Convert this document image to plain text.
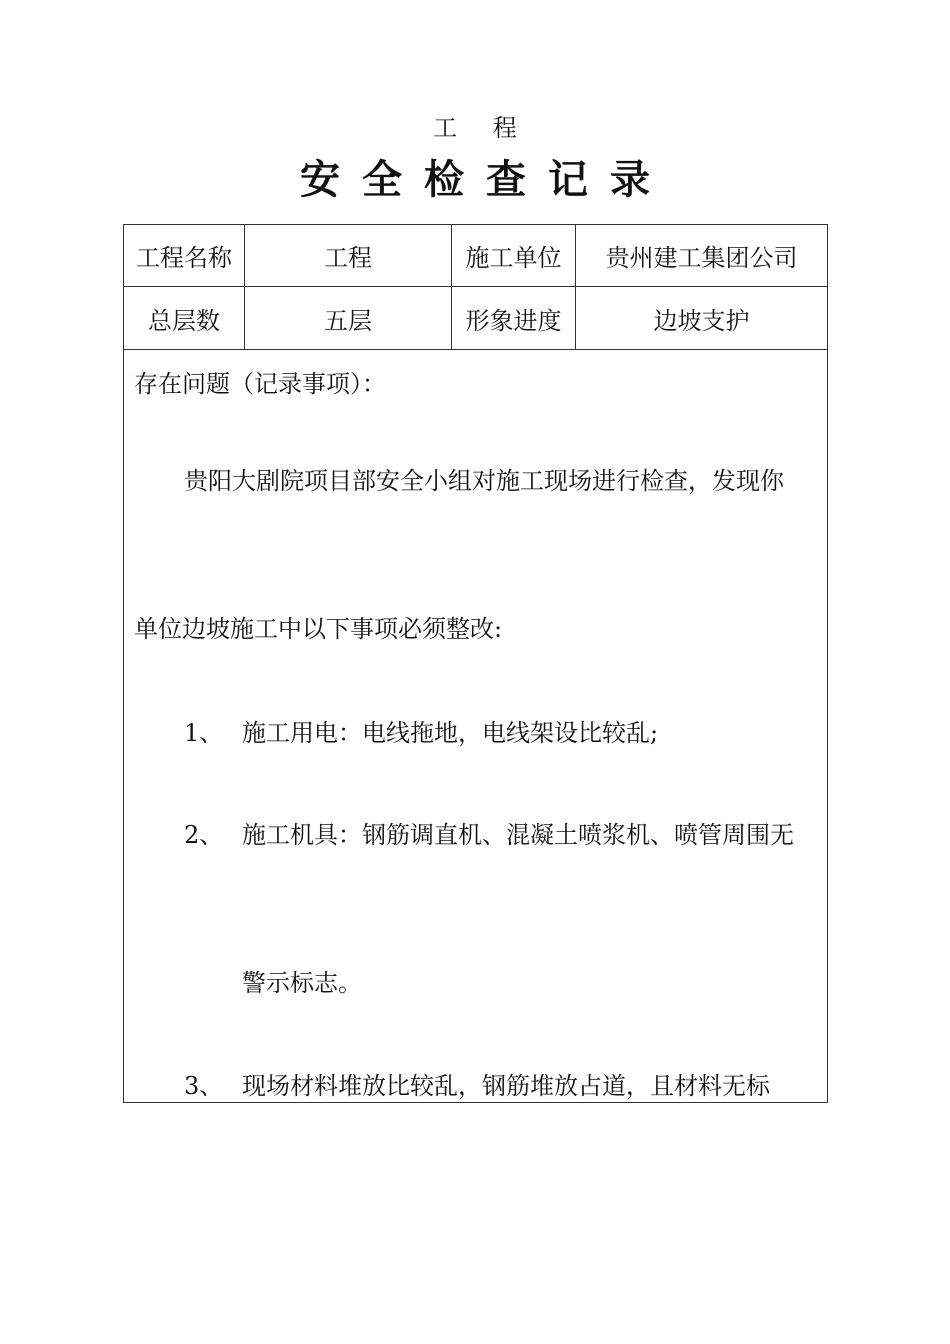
工 程
安全检查记录
工程名称	工程	施工单位	贵州建工集团公司
总层数	五层	形象进度	边坡支护
存在问题（记录事项）：
贵阳大剧院项目部安全小组对施工现场进行检查，发现你
单位边坡施工中以下事项必须整改:
1、 施工用电：电线拖地，电线架设比较乱;
2、 施工机具：钢筋调直机、混凝土喷浆机、喷管周围无
警示标志。
3、 现场材料堆放比较乱，钢筋堆放占道，且材料无标
